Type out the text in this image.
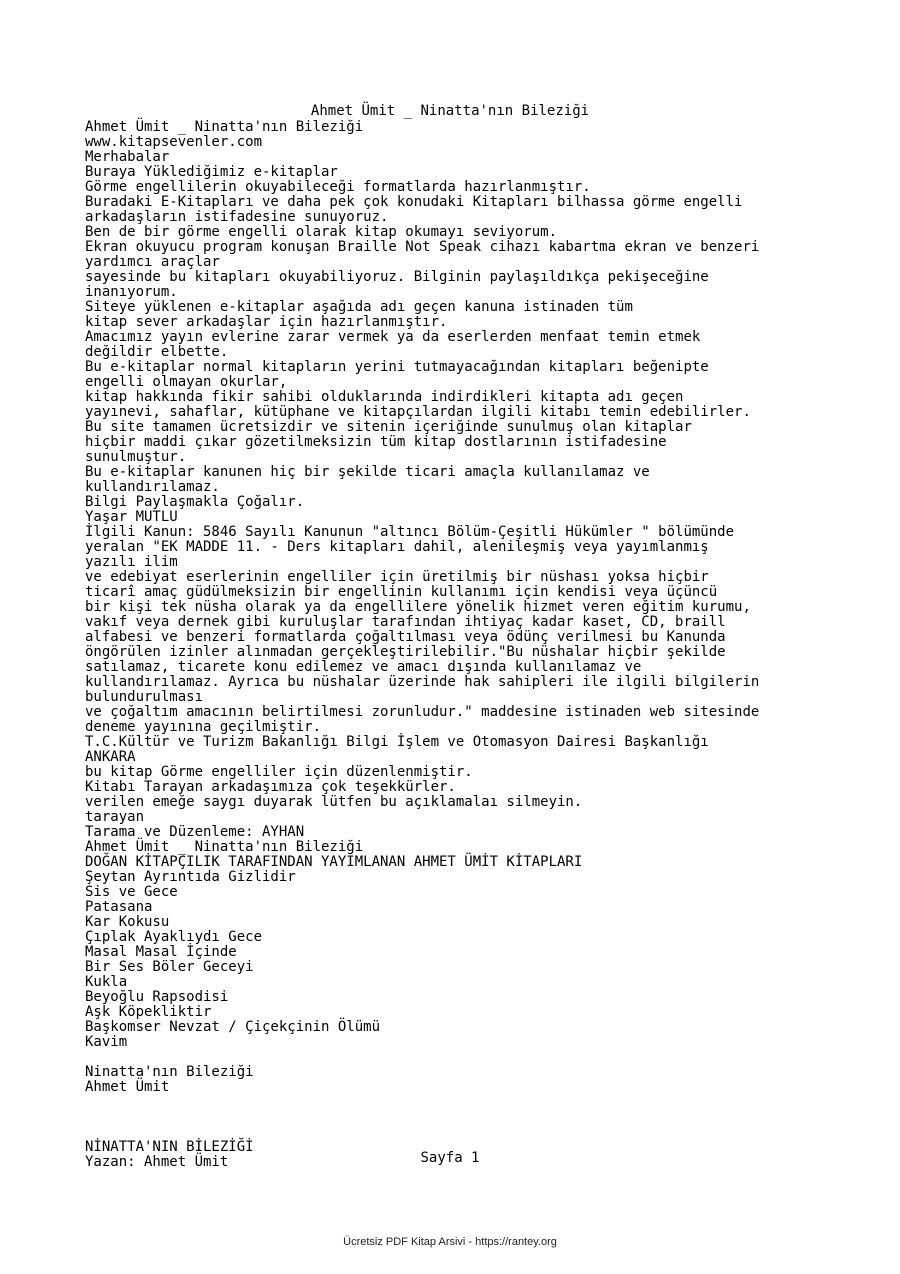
Ahmet Ümit _ Ninatta'nın Bileziği
Ahmet Ümit _ Ninatta'nın Bileziği
www.kitapsevenler.com
Merhabalar
Buraya Yüklediğimiz e-kitaplar
Görme engellilerin okuyabileceği formatlarda hazırlanmıştır.
Buradaki E-Kitapları ve daha pek çok konudaki Kitapları bilhassa görme engelli
arkadaşların istifadesine sunuyoruz.
Ben de bir görme engelli olarak kitap okumayı seviyorum.
Ekran okuyucu program konuşan Braille Not Speak cihazı kabartma ekran ve benzeri
yardımcı araçlar
sayesinde bu kitapları okuyabiliyoruz. Bilginin paylaşıldıkça pekişeceğine
inanıyorum.
Siteye yüklenen e-kitaplar aşağıda adı geçen kanuna istinaden tüm
kitap sever arkadaşlar için hazırlanmıştır.
Amacımız yayın evlerine zarar vermek ya da eserlerden menfaat temin etmek
değildir elbette.
Bu e-kitaplar normal kitapların yerini tutmayacağından kitapları beğenipte
engelli olmayan okurlar,
kitap hakkında fikir sahibi olduklarında indirdikleri kitapta adı geçen
yayınevi, sahaflar, kütüphane ve kitapçılardan ilgili kitabı temin edebilirler.
Bu site tamamen ücretsizdir ve sitenin içeriğinde sunulmuş olan kitaplar
hiçbir maddi çıkar gözetilmeksizin tüm kitap dostlarının istifadesine
sunulmuştur.
Bu e-kitaplar kanunen hiç bir şekilde ticari amaçla kullanılamaz ve
kullandırılamaz.
Bilgi Paylaşmakla Çoğalır.
Yaşar MUTLU
İlgili Kanun: 5846 Sayılı Kanunun "altıncı Bölüm-Çeşitli Hükümler " bölümünde
yeralan "EK MADDE 11. - Ders kitapları dahil, alenileşmiş veya yayımlanmış
yazılı ilim
ve edebiyat eserlerinin engelliler için üretilmiş bir nüshası yoksa hiçbir
ticarî amaç güdülmeksizin bir engellinin kullanımı için kendisi veya üçüncü
bir kişi tek nüsha olarak ya da engellilere yönelik hizmet veren eğitim kurumu,
vakıf veya dernek gibi kuruluşlar tarafından ihtiyaç kadar kaset, CD, braill
alfabesi ve benzeri formatlarda çoğaltılması veya ödünç verilmesi bu Kanunda
öngörülen izinler alınmadan gerçekleştirilebilir."Bu nüshalar hiçbir şekilde
satılamaz, ticarete konu edilemez ve amacı dışında kullanılamaz ve
kullandırılamaz. Ayrıca bu nüshalar üzerinde hak sahipleri ile ilgili bilgilerin
bulundurulması
ve çoğaltım amacının belirtilmesi zorunludur." maddesine istinaden web sitesinde
deneme yayınına geçilmiştir.
T.C.Kültür ve Turizm Bakanlığı Bilgi İşlem ve Otomasyon Dairesi Başkanlığı
ANKARA
bu kitap Görme engelliler için düzenlenmiştir.
Kitabı Tarayan arkadaşımıza çok teşekkürler.
verilen emeğe saygı duyarak lütfen bu açıklamalaı silmeyin.
tarayan
Tarama ve Düzenleme: AYHAN
Ahmet Ümit _ Ninatta'nın Bileziği
DOĞAN KİTAPÇILIK TARAFINDAN YAYIMLANAN AHMET ÜMİT KİTAPLARI
Şeytan Ayrıntıda Gizlidir
Sis ve Gece
Patasana
Kar Kokusu
Çıplak Ayaklıydı Gece
Masal Masal İçinde
Bir Ses Böler Geceyi
Kukla
Beyoğlu Rapsodisi
Aşk Köpekliktir
Başkomser Nevzat / Çiçekçinin Ölümü
Kavim
Ninatta'nın Bileziği
Ahmet Ümit
NİNATTA'NIN BİLEZİĞİ
Yazan: Ahmet Ümit	Sayfa 1
Ücretsiz PDF Kitap Arsivi - https://rantey.org
